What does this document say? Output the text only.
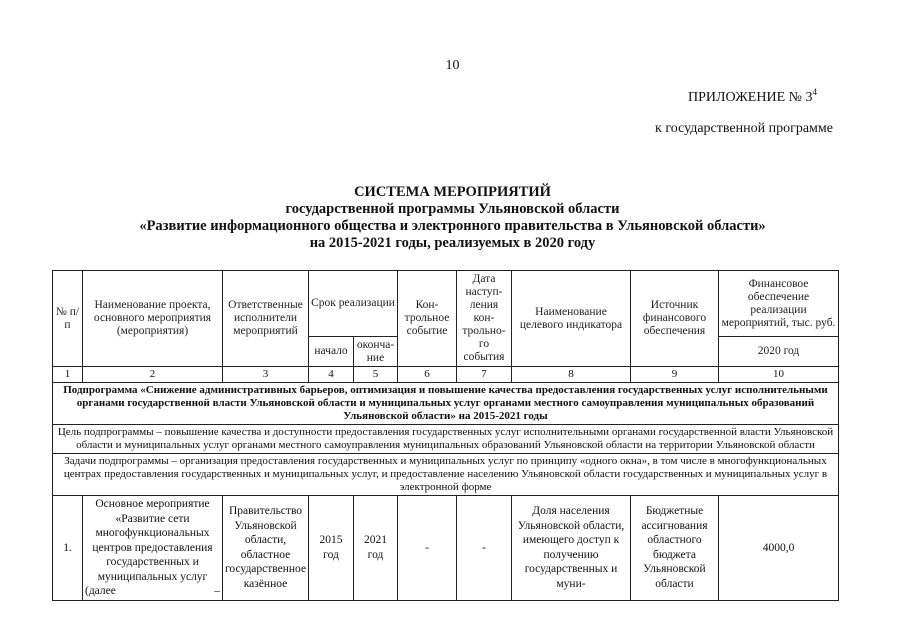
10
ПРИЛОЖЕНИЕ № $3^4$
к государственной программе
СИСТЕМА МЕРОПРИЯТИЙ
государственной программы Ульяновской области
«Развитие информационного общества и электронного правительства в Ульяновской области»
на 2015-2021 годы, реализуемых в 2020 году
№ п/п	Наименование проекта, основного мероприятия (мероприятия)	Ответственные исполнители мероприятий	Срок реализации		Кон-трольное событие	Дата наступ-ления кон-трольно-го события	Наименование целевого индикатора	Источник финансового обеспечения	Финансовое обеспечение реализации мероприятий, тыс. руб.
			начало	оконча-ние					2020 год
1	2	3	4	5	6	7	8	9	10
Подпрограмма «Снижение административных барьеров, оптимизация и повышение качества предоставления государственных услуг исполнительными органами государственной власти Ульяновской области и муниципальных услуг органами местного самоуправления муниципальных образований Ульяновской области» на 2015-2021 годы									
Цель подпрограммы – повышение качества и доступности предоставления государственных услуг исполнительными органами государственной власти Ульяновской области и муниципальных услуг органами местного самоуправления муниципальных образований Ульяновской области на территории Ульяновской области									
Задачи подпрограммы – организация предоставления государственных и муниципальных услуг по принципу «одного окна», в том числе в многофункциональных центрах предоставления государственных и муниципальных услуг, и предоставление населению Ульяновской области государственных и муниципальных услуг в электронной форме									
1.	Основное мероприятие «Развитие сети многофункциональных центров предоставления государственных и муниципальных услуг (далее –	Правительство Ульяновской области, областное государственное казённое	2015 год	2021 год	-	-	Доля населения Ульяновской области, имеющего доступ к получению государственных и муни-	Бюджетные ассигнования областного бюджета Ульяновской области	4000,0
